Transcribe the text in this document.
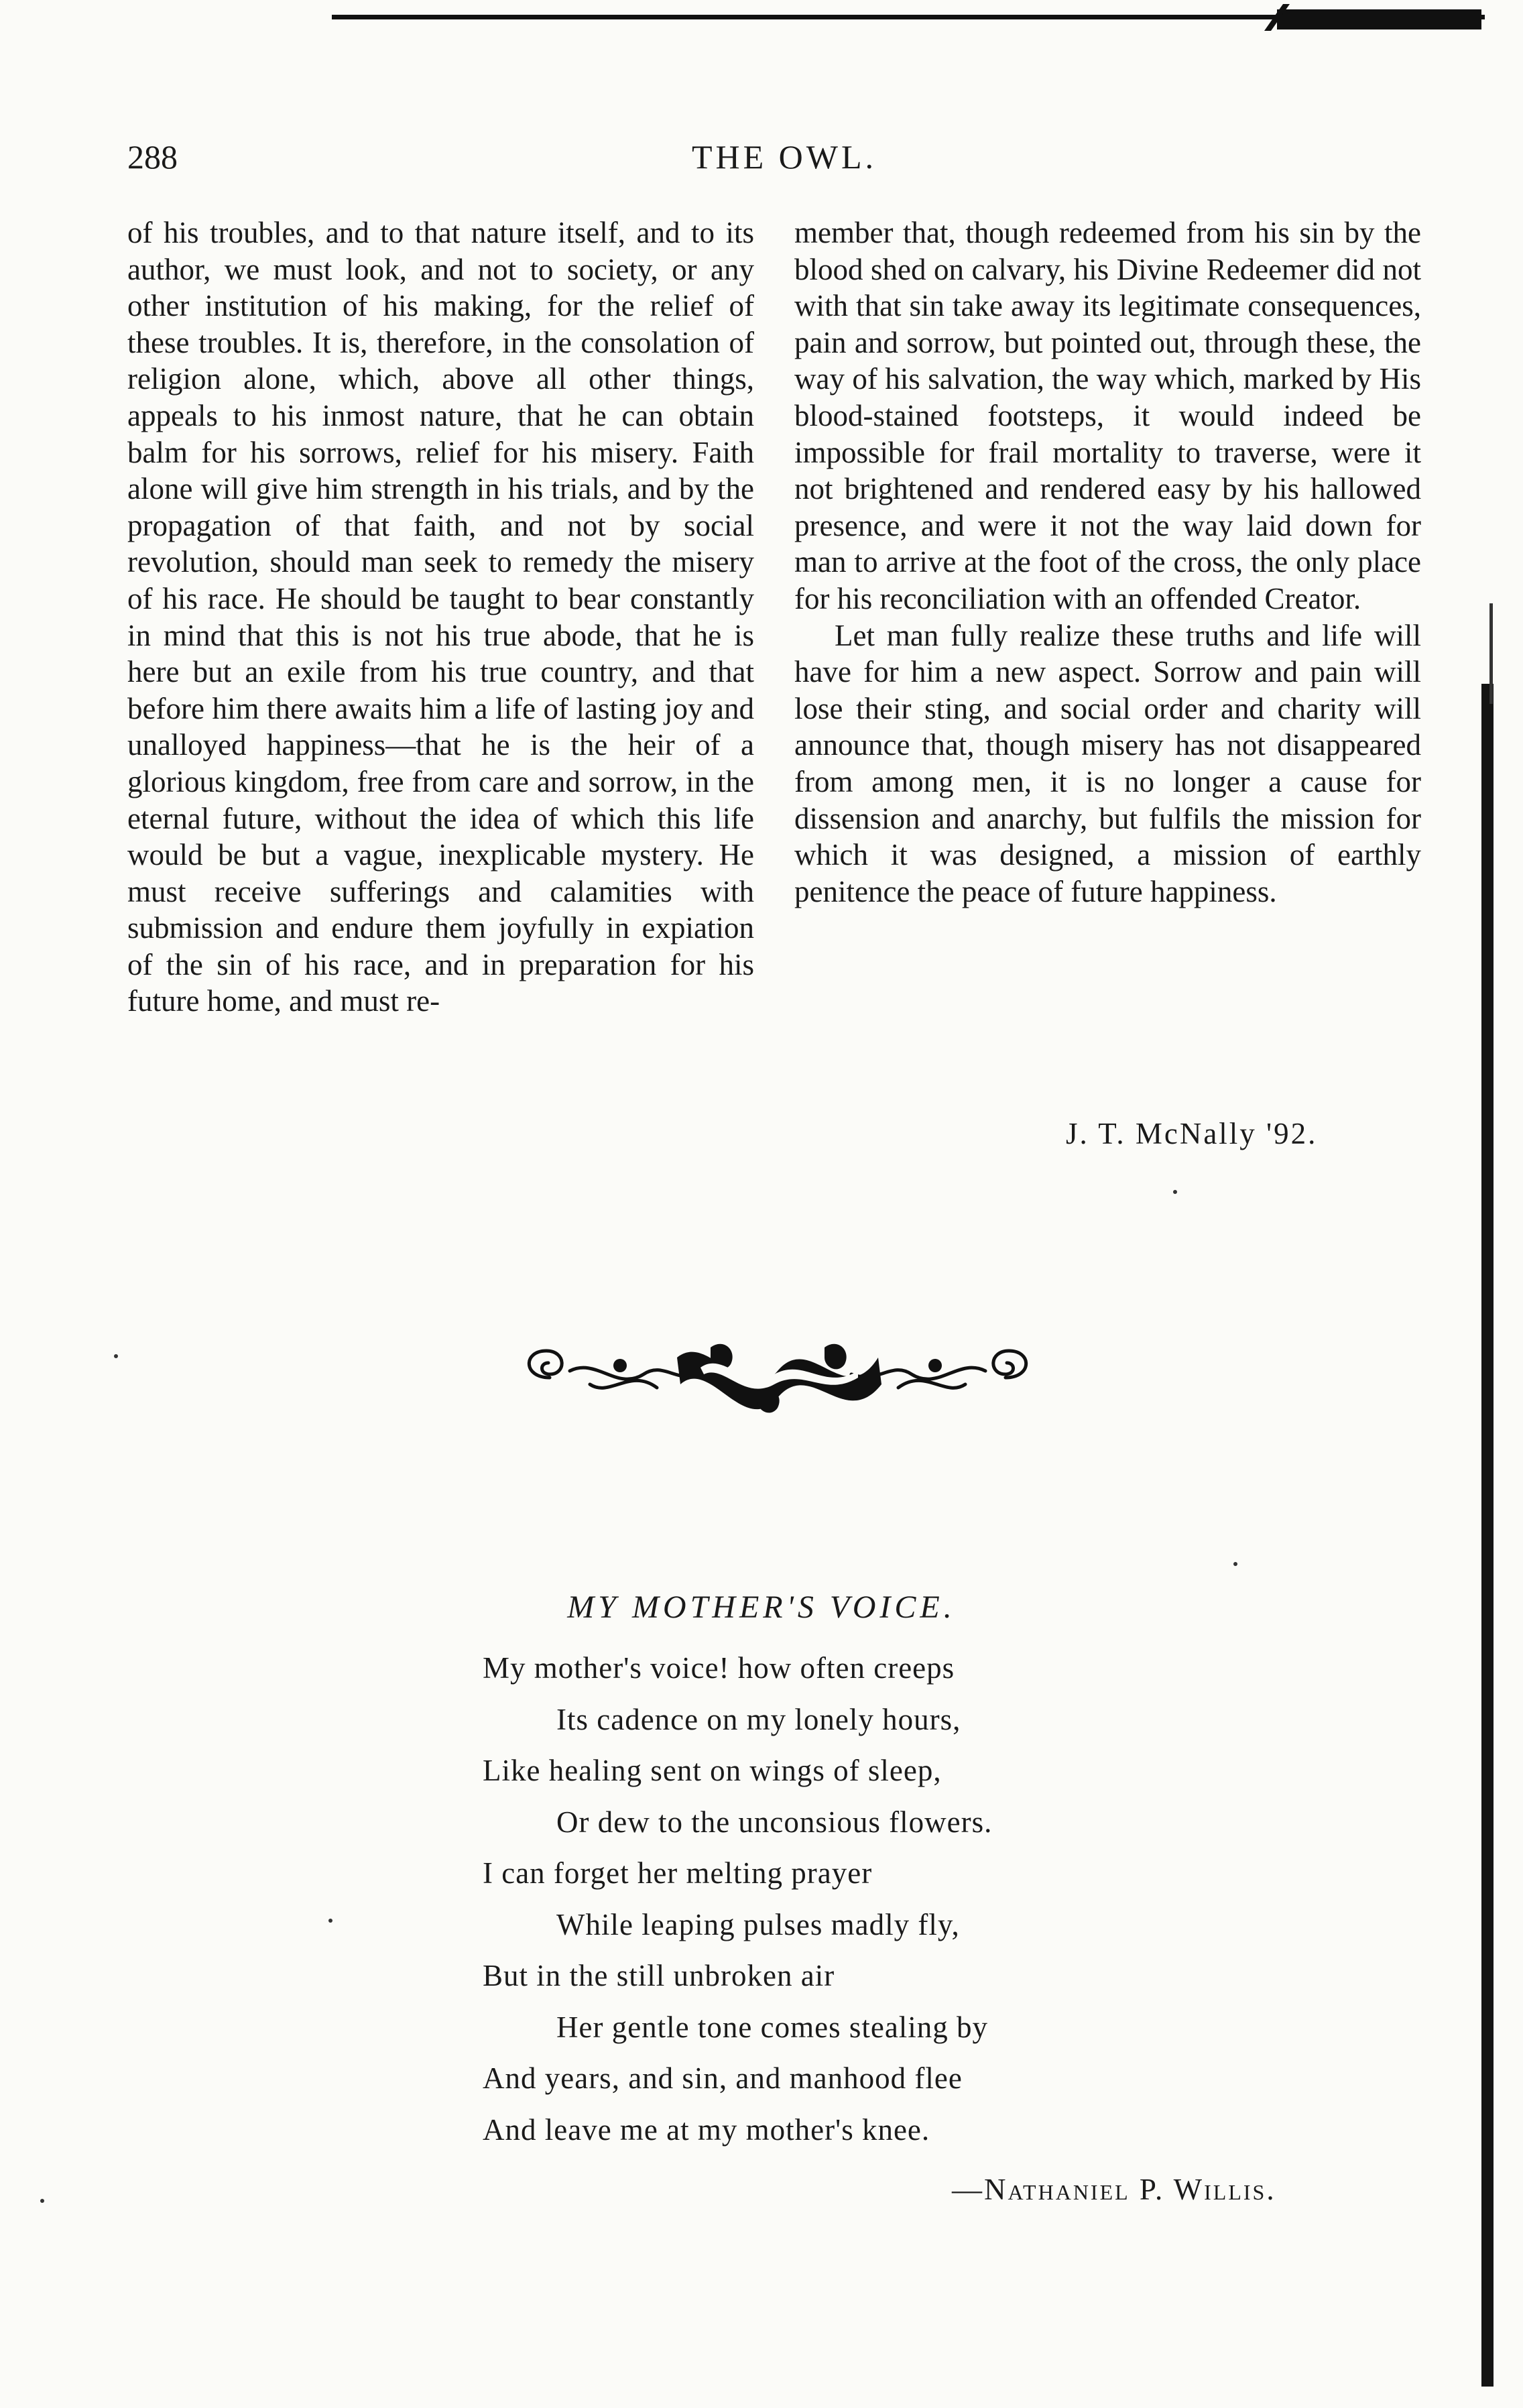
THE OWL.
288

of his troubles, and to that nature itself, and to its author, we must look, and not to society, or any other institution of his making, for the relief of these troubles. It is, therefore, in the consolation of religion alone, which, above all other things, appeals to his inmost nature, that he can obtain balm for his sorrows, relief for his misery. Faith alone will give him strength in his trials, and by the propagation of that faith, and not by social revolution, should man seek to remedy the misery of his race. He should be taught to bear constantly in mind that this is not his true abode, that he is here but an exile from his true country, and that before him there awaits him a life of lasting joy and unalloyed happiness—that he is the heir of a glorious kingdom, free from care and sorrow, in the eternal future, without the idea of which this life would be but a vague, inexplicable mystery. He must receive sufferings and calamities with submission and endure them joyfully in expiation of the sin of his race, and in preparation for his future home, and must re-

member that, though redeemed from his sin by the blood shed on calvary, his Divine Redeemer did not with that sin take away its legitimate consequences, pain and sorrow, but pointed out, through these, the way of his salvation, the way which, marked by His blood-stained footsteps, it would indeed be impossible for frail mortality to traverse, were it not brightened and rendered easy by his hallowed presence, and were it not the way laid down for man to arrive at the foot of the cross, the only place for his reconciliation with an offended Creator.

Let man fully realize these truths and life will have for him a new aspect. Sorrow and pain will lose their sting, and social order and charity will announce that, though misery has not disappeared from among men, it is no longer a cause for dissension and anarchy, but fulfils the mission for which it was designed, a mission of earthly penitence the peace of future happiness.

J. T. McNally '92.
MY MOTHER'S VOICE.
My mother's voice! how often creeps
Its cadence on my lonely hours,
Like healing sent on wings of sleep,
Or dew to the unconsious flowers.
I can forget her melting prayer
While leaping pulses madly fly,
But in the still unbroken air
Her gentle tone comes stealing by
And years, and sin, and manhood flee
And leave me at my mother's knee.
—Nathaniel P. Willis.
